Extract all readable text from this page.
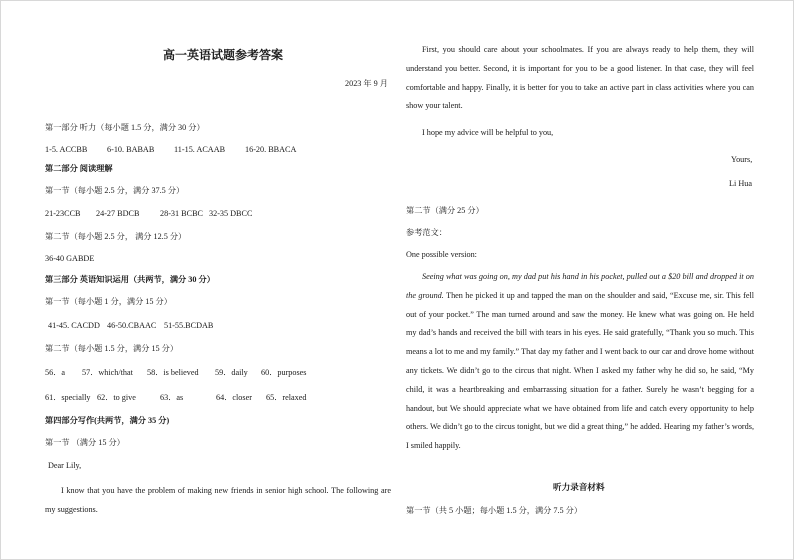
高一英语试题参考答案
2023 年 9 月
第一部分 听力（每小题 1.5 分，满分 30 分）
1-5. ACCBB 6-10. BABAB 11-15. ACAAB 16-20. BBACA
第二部分 阅读理解
第一节（每小题 2.5 分，满分 37.5 分）
21-23CCB 24-27 BDCB	28-31 BCBC 32-35 DBCC
第二节（每小题 2.5 分， 满分 12.5 分）
36-40 GABDE
第三部分 英语知识运用（共两节，满分 30 分）
第一节（每小题 1 分，满分 15 分）
41-45. CACDD 46-50.CBAAC 51-55.BCDAB
第二节（每小题 1.5 分，满分 15 分）
56．a 57．which/that 58．is believed 59．daily 60．purposes
61．specially 62．to give	63．as	64．closer 65．relaxed
第四部分写作(共两节，满分 35 分)
第一节 （满分 15 分）
Dear Lily,
I know that you have the problem of making new friends in senior high school. The following are my suggestions.
First, you should care about your schoolmates. If you are always ready to help them, they will understand you better. Second, it is important for you to be a good listener. In that case, they will feel comfortable and happy. Finally, it is better for you to take an active part in class activities where you can show your talent.
I hope my advice will be helpful to you,
Yours,
Li Hua
第二节（满分 25 分）
参考范文：
One possible version:
Seeing what was going on, my dad put his hand in his pocket, pulled out a $20 bill and dropped it on the ground. Then he picked it up and tapped the man on the shoulder and said, “Excuse me, sir. This fell out of your pocket.” The man turned around and saw the money. He knew what was going on. He held my dad’s hands and received the bill with tears in his eyes. He said gratefully, “Thank you so much. This means a lot to me and my family.” That day my father and I went back to our car and drove home without any tickets. We didn’t go to the circus that night. When I asked my father why he did so, he said, “My child, it was a heartbreaking and embarrassing situation for a father. Surely he wasn’t begging for a handout, but We should appreciate what we have obtained from life and catch every opportunity to help others. We didn’t go to the circus tonight, but we did a great thing,” he added. Hearing my father’s words, I smiled happily.
听力录音材料
第一节（共 5 小题；每小题 1.5 分，满分 7.5 分）
